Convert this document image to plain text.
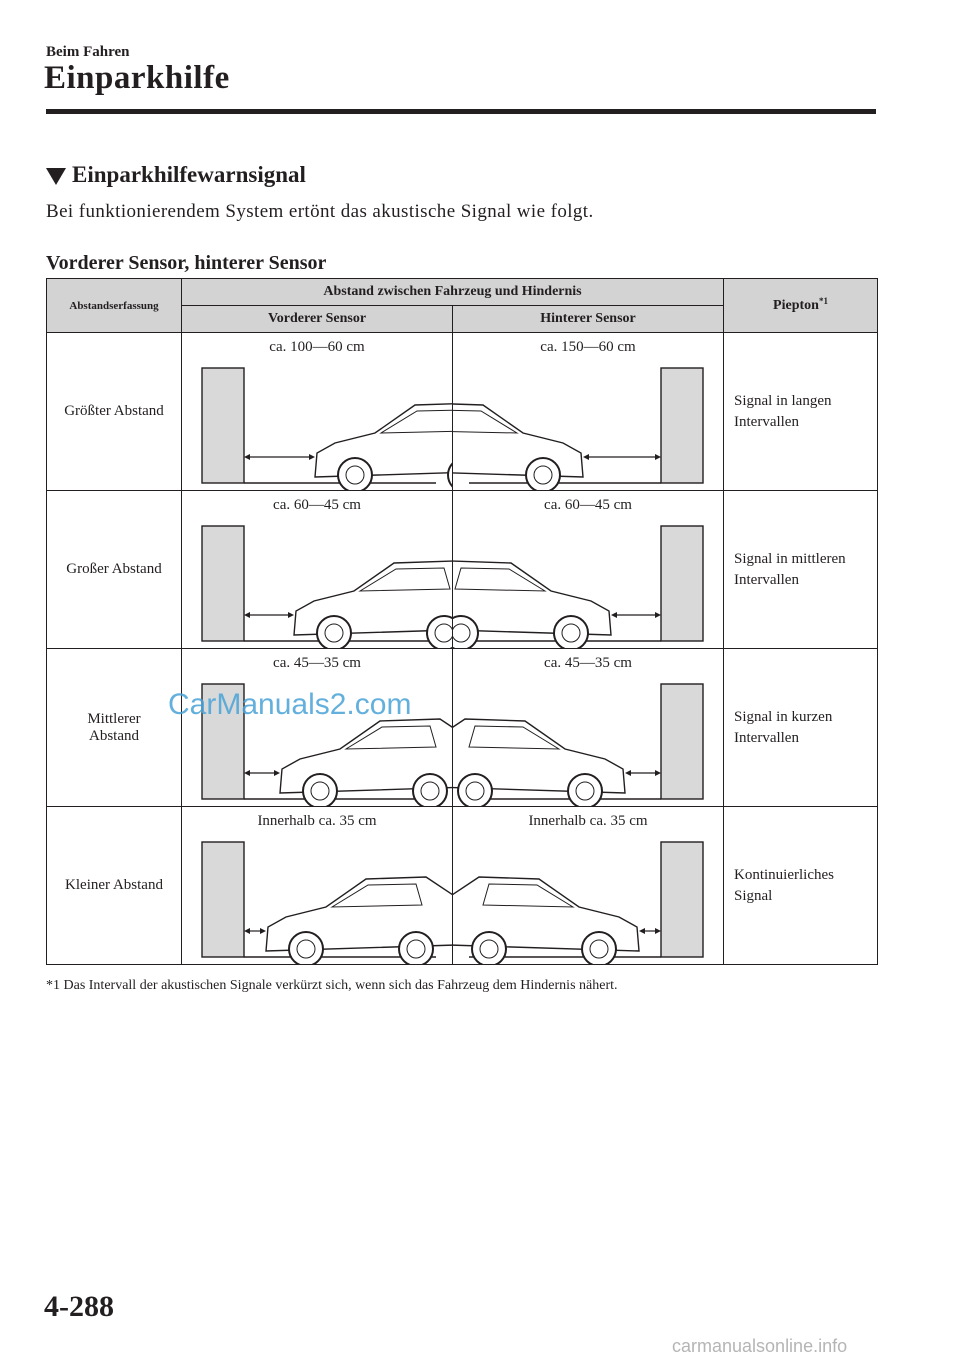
Beim Fahren
Einparkhilfe
Einparkhilfewarnsignal
Bei funktionierendem System ertönt das akustische Signal wie folgt.
Vorderer Sensor, hinterer Sensor
Abstandserfassung	Abstand zwischen Fahrzeug und Hindernis		Piepton$^{*1}$
	Vorderer Sensor	Hinterer Sensor	
Größter Abstand	ca. 100—60 cm	ca. 150—60 cm	Signal in langen
Intervallen
Großer Abstand	ca. 60—45 cm	ca. 60—45 cm	Signal in mittleren
Intervallen
Mittlerer
Abstand	ca. 45—35 cm	ca. 45—35 cm	Signal in kurzen
Intervallen
Kleiner Abstand	Innerhalb ca. 35 cm	Innerhalb ca. 35 cm	Kontinuierliches
Signal
*1 Das Intervall der akustischen Signale verkürzt sich, wenn sich das Fahrzeug dem Hindernis nähert.
CarManuals2.com
4-288
carmanualsonline.info
